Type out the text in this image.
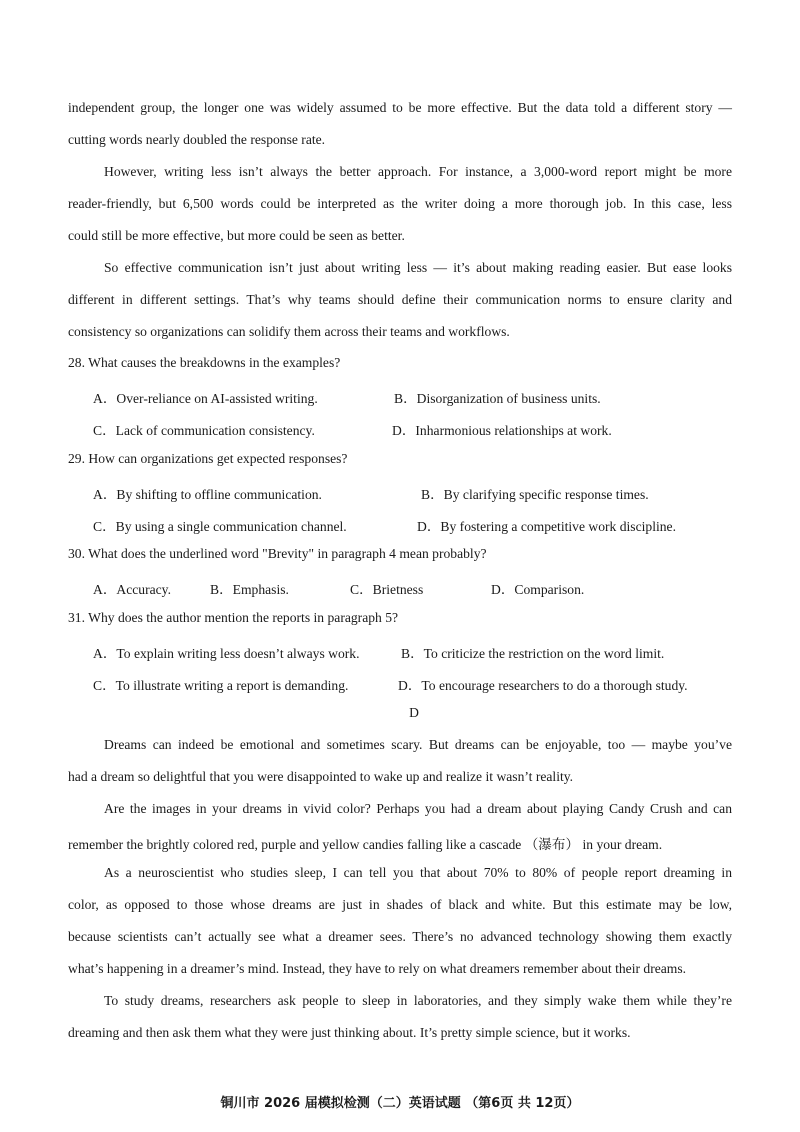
independent group, the longer one was widely assumed to be more effective. But the data told a different story —
cutting words nearly doubled the response rate.
However, writing less isn’t always the better approach. For instance, a 3,000-word report might be more
reader-friendly, but 6,500 words could be interpreted as the writer doing a more thorough job. In this case, less
could still be more effective, but more could be seen as better.
So effective communication isn’t just about writing less — it’s about making reading easier. But ease looks
different in different settings. That’s why teams should define their communication norms to ensure clarity and
consistency so organizations can solidify them across their teams and workflows.
28. What causes the breakdowns in the examples?
A．Over-reliance on AI-assisted writing.	B．Disorganization of business units.
C．Lack of communication consistency.	D．Inharmonious relationships at work.
29. How can organizations get expected responses?
A．By shifting to offline communication.	B．By clarifying specific response times.
C．By using a single communication channel.	D．By fostering a competitive work discipline.
30. What does the underlined word "Brevity" in paragraph 4 mean probably?
A．Accuracy.	B．Emphasis.	C．Brietness	D．Comparison.
31. Why does the author mention the reports in paragraph 5?
A．To explain writing less doesn’t always work.	B．To criticize the restriction on the word limit.
C．To illustrate writing a report is demanding.	D．To encourage researchers to do a thorough study.
D
Dreams can indeed be emotional and sometimes scary. But dreams can be enjoyable, too — maybe you’ve
had a dream so delightful that you were disappointed to wake up and realize it wasn’t reality.
Are the images in your dreams in vivid color? Perhaps you had a dream about playing Candy Crush and can
remember the brightly colored red, purple and yellow candies falling like a cascade （瀑布） in your dream.
As a neuroscientist who studies sleep, I can tell you that about 70% to 80% of people report dreaming in
color, as opposed to those whose dreams are just in shades of black and white. But this estimate may be low,
because scientists can’t actually see what a dreamer sees. There’s no advanced technology showing them exactly
what’s happening in a dreamer’s mind. Instead, they have to rely on what dreamers remember about their dreams.
To study dreams, researchers ask people to sleep in laboratories, and they simply wake them while they’re
dreaming and then ask them what they were just thinking about. It’s pretty simple science, but it works.
铜川市 2026 届模拟检测（二）英语试题 （第6页 共 12页）
